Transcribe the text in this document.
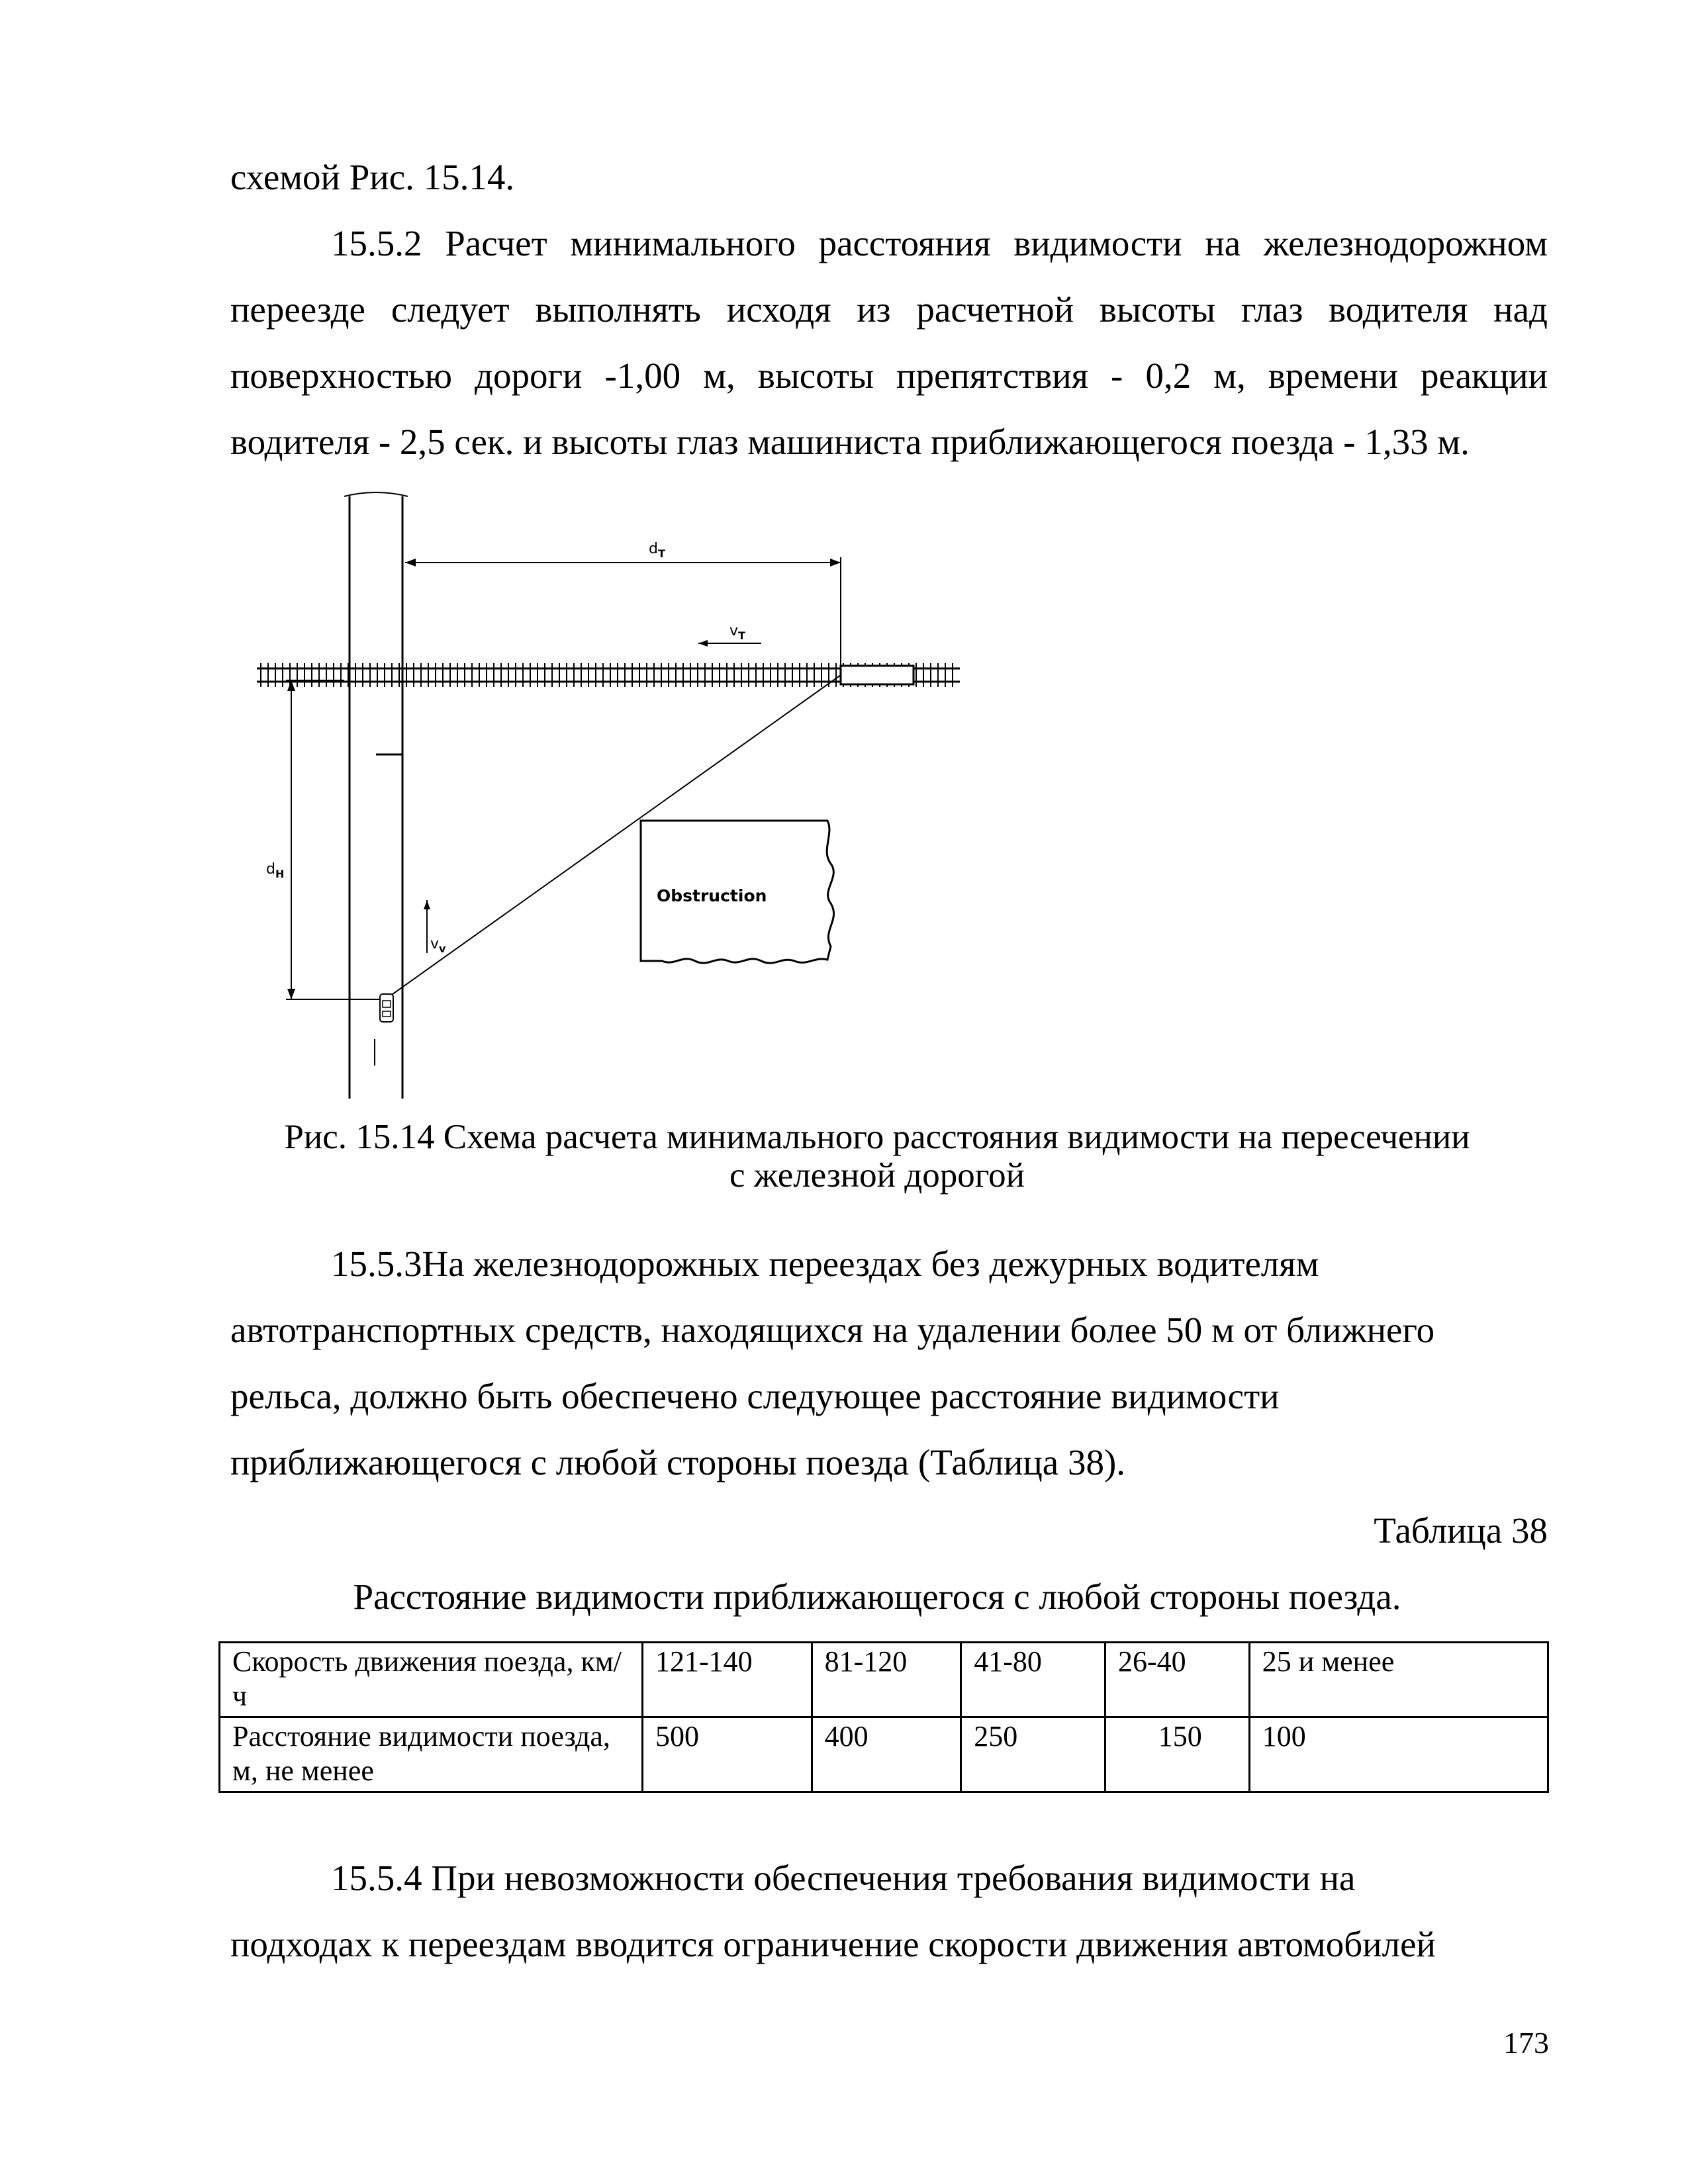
схемой Рис. 15.14.
15.5.2 Расчет минимального расстояния видимости на железнодорожном
переезде следует выполнять исходя из расчетной высоты глаз водителя над
поверхностью дороги -1,00 м, высоты препятствия - 0,2 м, времени реакции
водителя - 2,5 сек. и высоты глаз машиниста приближающегося поезда - 1,33 м.
$d_T$
$v_T$
$d_H$
$v_v$
Obstruction
Рис. 15.14 Схема расчета минимального расстояния видимости на пересечении
с железной дорогой
15.5.3На железнодорожных переездах без дежурных водителям
автотранспортных средств, находящихся на удалении более 50 м от ближнего
рельса, должно быть обеспечено следующее расстояние видимости
приближающегося с любой стороны поезда (Таблица 38).
Таблица 38
Расстояние видимости приближающегося с любой стороны поезда.
Скорость движения поезда, км/ч	121-140	81-120	41-80	26-40	25 и менее
Расстояние видимости поезда, м, не менее	500	400	250	150	100
15.5.4 При невозможности обеспечения требования видимости на
подходах к переездам вводится ограничение скорости движения автомобилей
173
